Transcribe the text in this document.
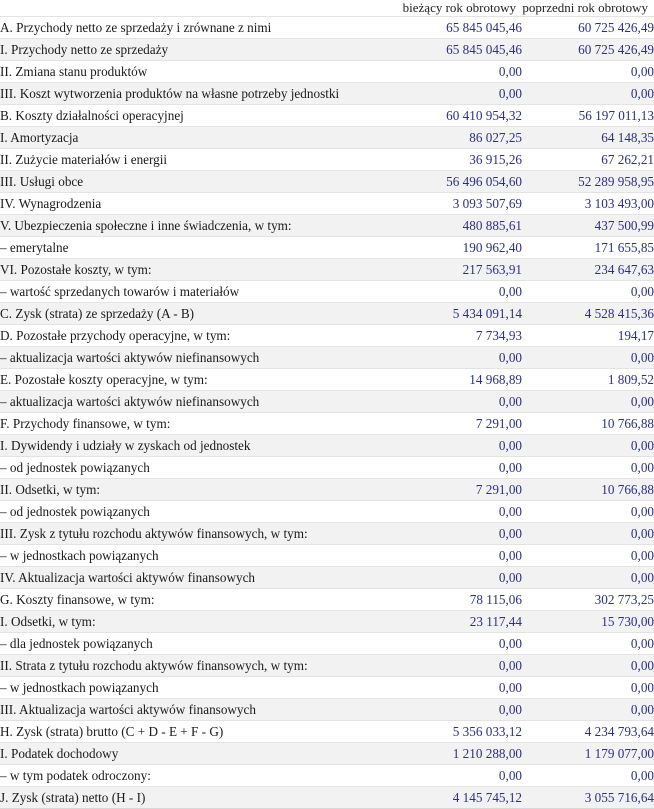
	bieżący rok obrotowy	poprzedni rok obrotowy
A. Przychody netto ze sprzedaży i zrównane z nimi	65 845 045,46	60 725 426,49
I. Przychody netto ze sprzedaży	65 845 045,46	60 725 426,49
II. Zmiana stanu produktów	0,00	0,00
III. Koszt wytworzenia produktów na własne potrzeby jednostki	0,00	0,00
B. Koszty działalności operacyjnej	60 410 954,32	56 197 011,13
I. Amortyzacja	86 027,25	64 148,35
II. Zużycie materiałów i energii	36 915,26	67 262,21
III. Usługi obce	56 496 054,60	52 289 958,95
IV. Wynagrodzenia	3 093 507,69	3 103 493,00
V. Ubezpieczenia społeczne i inne świadczenia, w tym:	480 885,61	437 500,99
– emerytalne	190 962,40	171 655,85
VI. Pozostałe koszty, w tym:	217 563,91	234 647,63
– wartość sprzedanych towarów i materiałów	0,00	0,00
C. Zysk (strata) ze sprzedaży (A - B)	5 434 091,14	4 528 415,36
D. Pozostałe przychody operacyjne, w tym:	7 734,93	194,17
– aktualizacja wartości aktywów niefinansowych	0,00	0,00
E. Pozostałe koszty operacyjne, w tym:	14 968,89	1 809,52
– aktualizacja wartości aktywów niefinansowych	0,00	0,00
F. Przychody finansowe, w tym:	7 291,00	10 766,88
I. Dywidendy i udziały w zyskach od jednostek	0,00	0,00
– od jednostek powiązanych	0,00	0,00
II. Odsetki, w tym:	7 291,00	10 766,88
– od jednostek powiązanych	0,00	0,00
III. Zysk z tytułu rozchodu aktywów finansowych, w tym:	0,00	0,00
– w jednostkach powiązanych	0,00	0,00
IV. Aktualizacja wartości aktywów finansowych	0,00	0,00
G. Koszty finansowe, w tym:	78 115,06	302 773,25
I. Odsetki, w tym:	23 117,44	15 730,00
– dla jednostek powiązanych	0,00	0,00
II. Strata z tytułu rozchodu aktywów finansowych, w tym:	0,00	0,00
– w jednostkach powiązanych	0,00	0,00
III. Aktualizacja wartości aktywów finansowych	0,00	0,00
H. Zysk (strata) brutto (C + D - E + F - G)	5 356 033,12	4 234 793,64
I. Podatek dochodowy	1 210 288,00	1 179 077,00
– w tym podatek odroczony:	0,00	0,00
J. Zysk (strata) netto (H - I)	4 145 745,12	3 055 716,64
